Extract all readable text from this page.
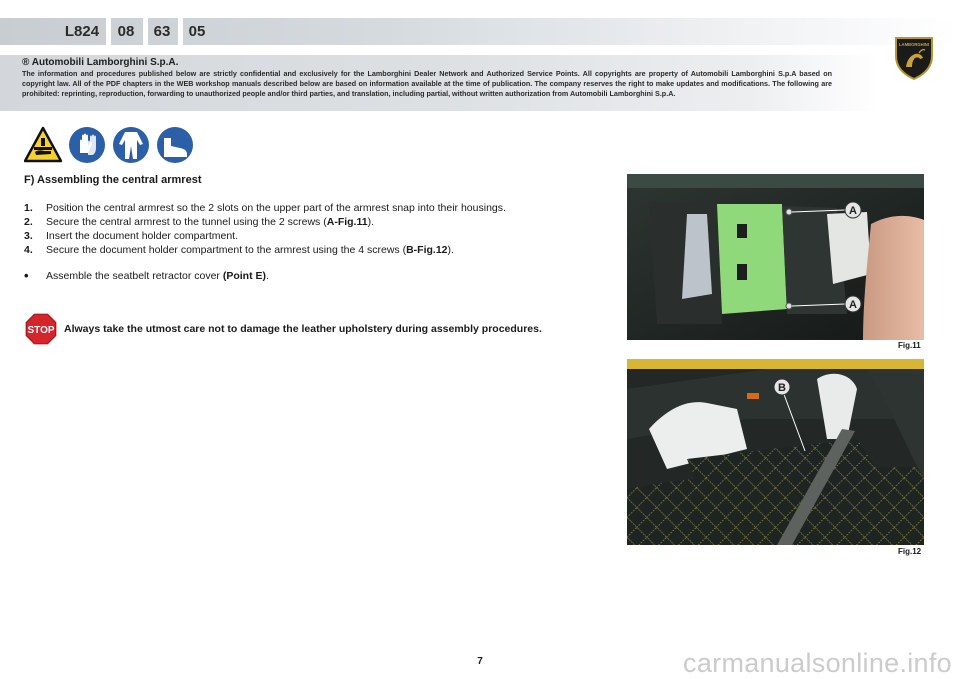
L824	08	63	05
LAMBORGHINI
® Automobili Lamborghini S.p.A.
The information and procedures published below are strictly confidential and exclusively for the Lamborghini Dealer Network and Authorized Service Points. All copyrights are property of Automobili Lamborghini S.p.A based on copyright law. All of the PDF chapters in the WEB workshop manuals described below are based on information available at the time of publication. The company reserves the right to make updates and modifications. The following are prohibited: reprinting, reproduction, forwarding to unauthorized people and/or third parties, and translation, including partial, without written authorization from Automobili Lamborghini S.p.A.
F) Assembling the central armrest
1.	Position the central armrest so the 2 slots on the upper part of the armrest snap into their housings.
2.	Secure the central armrest to the tunnel using the 2 screws (A-Fig.11).
3.	Insert the document holder compartment.
4.	Secure the document holder compartment to the armrest using the 4 screws (B-Fig.12).
•	Assemble the seatbelt retractor cover (Point E).
STOP Always take the utmost care not to damage the leather upholstery during assembly procedures.
A
A
Fig.11
B
Fig.12
7	carmanualsonline.info
